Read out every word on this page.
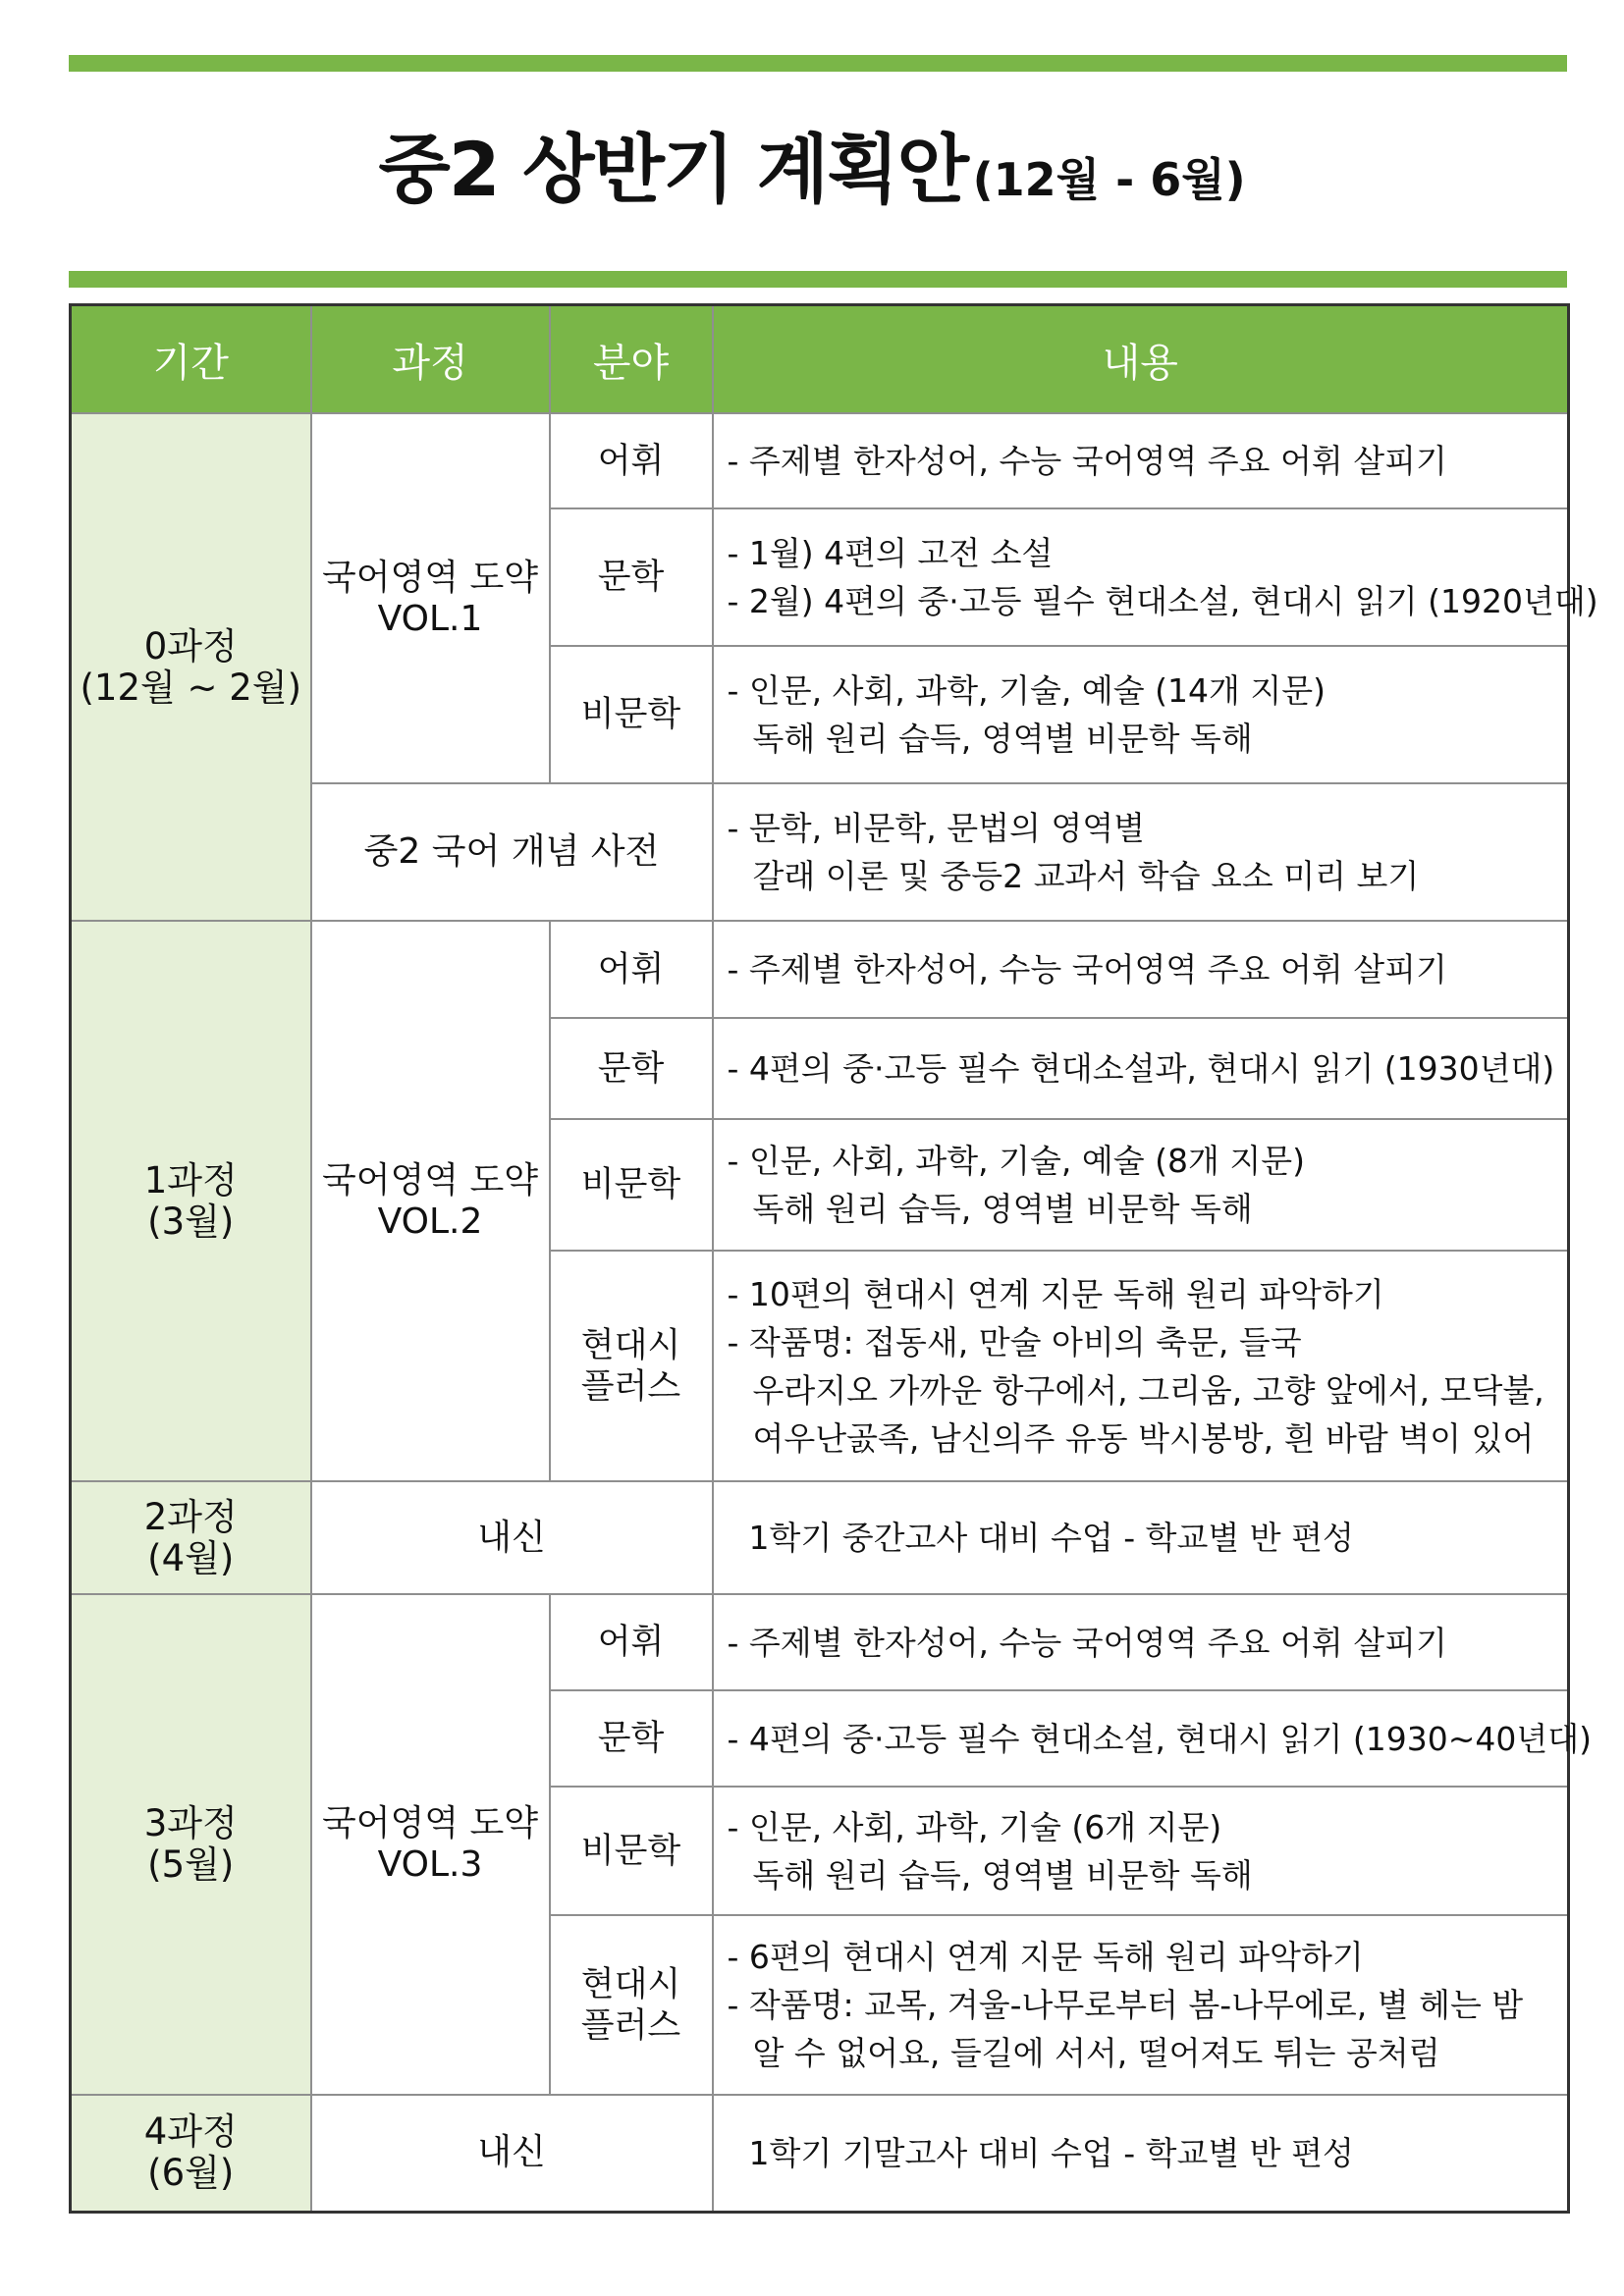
중2 상반기 계획안 (12월 - 6월)
기간	과정	분야	내용

0과정
(12월 ~ 2월)	국어영역 도약
VOL.1	어휘	- 주제별 한자성어, 수능 국어영역 주요 어휘 살피기

		문학	- 1월) 4편의 고전 소설
- 2월) 4편의 중·고등 필수 현대소설, 현대시 읽기 (1920년대)

		비문학	- 인문, 사회, 과학, 기술, 예술 (14개 지문)
독해 원리 습득, 영역별 비문학 독해

	중2 국어 개념 사전		- 문학, 비문학, 문법의 영역별
갈래 이론 및 중등2 교과서 학습 요소 미리 보기

1과정
(3월)	국어영역 도약
VOL.2	어휘	- 주제별 한자성어, 수능 국어영역 주요 어휘 살피기

		문학	- 4편의 중·고등 필수 현대소설과, 현대시 읽기 (1930년대)

		비문학	- 인문, 사회, 과학, 기술, 예술 (8개 지문)
독해 원리 습득, 영역별 비문학 독해

		현대시
플러스	- 10편의 현대시 연계 지문 독해 원리 파악하기
- 작품명: 접동새, 만술 아비의 축문, 들국
우라지오 가까운 항구에서, 그리움, 고향 앞에서, 모닥불,
여우난곬족, 남신의주 유동 박시봉방, 흰 바람 벽이 있어

2과정
(4월)	내신		1학기 중간고사 대비 수업 - 학교별 반 편성

3과정
(5월)	국어영역 도약
VOL.3	어휘	- 주제별 한자성어, 수능 국어영역 주요 어휘 살피기

		문학	- 4편의 중·고등 필수 현대소설, 현대시 읽기 (1930~40년대)

		비문학	- 인문, 사회, 과학, 기술 (6개 지문)
독해 원리 습득, 영역별 비문학 독해

		현대시
플러스	- 6편의 현대시 연계 지문 독해 원리 파악하기
- 작품명: 교목, 겨울-나무로부터 봄-나무에로, 별 헤는 밤
알 수 없어요, 들길에 서서, 떨어져도 튀는 공처럼

4과정
(6월)	내신		1학기 기말고사 대비 수업 - 학교별 반 편성
